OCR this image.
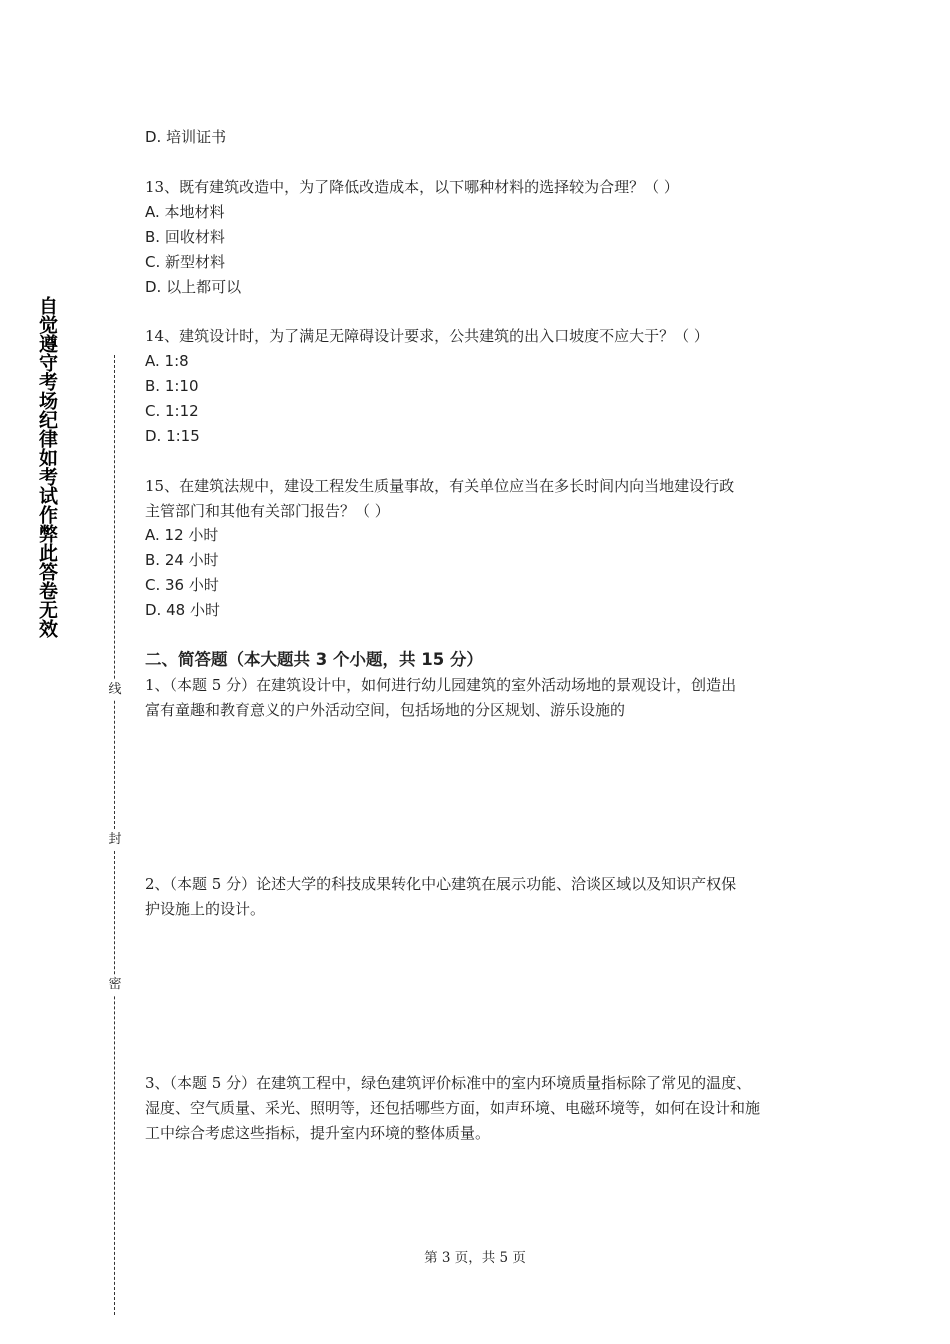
自觉遵守考场纪律如考试作弊此答卷无效
线
封
密
D. 培训证书
13、既有建筑改造中，为了降低改造成本，以下哪种材料的选择较为合理？（ ）
A. 本地材料
B. 回收材料
C. 新型材料
D. 以上都可以
14、建筑设计时，为了满足无障碍设计要求，公共建筑的出入口坡度不应大于？（ ）
A. 1:8
B. 1:10
C. 1:12
D. 1:15
15、在建筑法规中，建设工程发生质量事故，有关单位应当在多长时间内向当地建设行政
主管部门和其他有关部门报告？（ ）
A. 12 小时
B. 24 小时
C. 36 小时
D. 48 小时
二、简答题（本大题共 3 个小题，共 15 分）
1、（本题 5 分）在建筑设计中，如何进行幼儿园建筑的室外活动场地的景观设计，创造出
富有童趣和教育意义的户外活动空间，包括场地的分区规划、游乐设施的
2、（本题 5 分）论述大学的科技成果转化中心建筑在展示功能、洽谈区域以及知识产权保
护设施上的设计。
3、（本题 5 分）在建筑工程中，绿色建筑评价标准中的室内环境质量指标除了常见的温度、
湿度、空气质量、采光、照明等，还包括哪些方面，如声环境、电磁环境等，如何在设计和施
工中综合考虑这些指标，提升室内环境的整体质量。
第 3 页，共 5 页
